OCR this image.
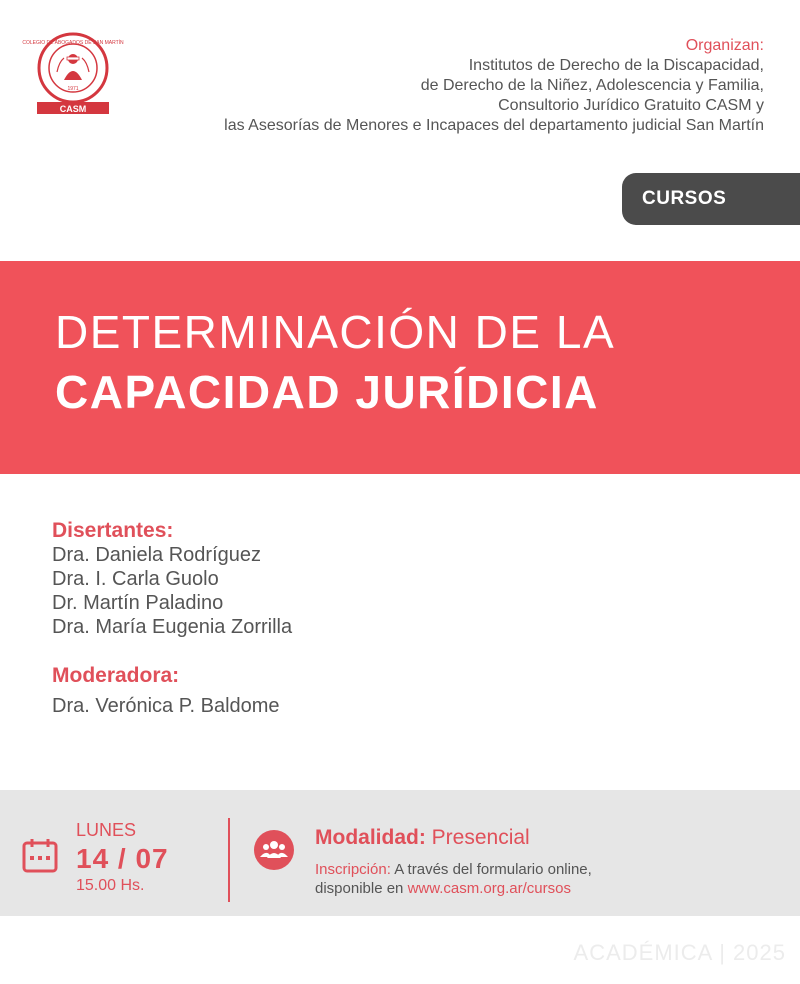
COLEGIO DE ABOGADOS DE SAN MARTÍN
1971
CASM
Organizan:
Institutos de Derecho de la Discapacidad,
de Derecho de la Niñez, Adolescencia y Familia,
Consultorio Jurídico Gratuito CASM y
las Asesorías de Menores e Incapaces del departamento judicial San Martín
CURSOS
DETERMINACIÓN DE LA
CAPACIDAD JURÍDICIA
Disertantes:
Dra. Daniela Rodríguez
Dra. I. Carla Guolo
Dr. Martín Paladino
Dra. María Eugenia Zorrilla
Moderadora:
Dra. Verónica P. Baldome
LUNES
14 / 07
15.00 Hs.
Modalidad: Presencial
Inscripción: A través del formulario online,
disponible en www.casm.org.ar/cursos
ACADÉMICA | 2025
